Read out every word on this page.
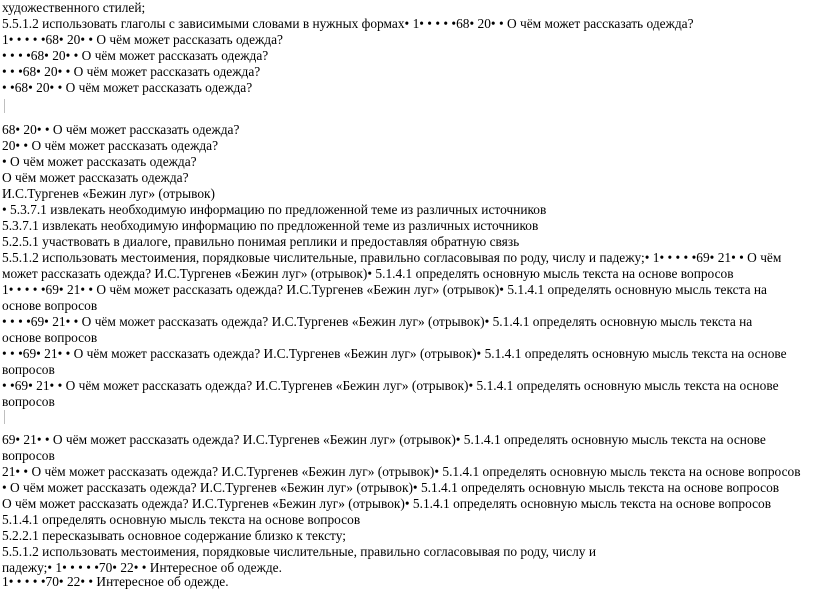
художественного стилей;
5.5.1.2 использовать глаголы с зависимыми словами в нужных формах• 1• • • • •68• 20• • О чём может рассказать одежда?
1• • • • •68• 20• • О чём может рассказать одежда?
• • • •68• 20• • О чём может рассказать одежда?
• • •68• 20• • О чём может рассказать одежда?
• •68• 20• • О чём может рассказать одежда?
68• 20• • О чём может рассказать одежда?
20• • О чём может рассказать одежда?
• О чём может рассказать одежда?
О чём может рассказать одежда?
И.С.Тургенев «Бежин луг» (отрывок)
• 5.3.7.1 извлекать необходимую информацию по предложенной теме из различных источников
5.3.7.1 извлекать необходимую информацию по предложенной теме из различных источников
5.2.5.1 участвовать в диалоге, правильно понимая реплики и предоставляя обратную связь
5.5.1.2 использовать местоимения, порядковые числительные, правильно согласовывая по роду, числу и падежу;• 1• • • • •69• 21• • О чём
может рассказать одежда? И.С.Тургенев «Бежин луг» (отрывок)• 5.1.4.1 определять основную мысль текста на основе вопросов
1• • • • •69• 21• • О чём может рассказать одежда? И.С.Тургенев «Бежин луг» (отрывок)• 5.1.4.1 определять основную мысль текста на
основе вопросов
• • • •69• 21• • О чём может рассказать одежда? И.С.Тургенев «Бежин луг» (отрывок)• 5.1.4.1 определять основную мысль текста на
основе вопросов
• • •69• 21• • О чём может рассказать одежда? И.С.Тургенев «Бежин луг» (отрывок)• 5.1.4.1 определять основную мысль текста на основе
вопросов
• •69• 21• • О чём может рассказать одежда? И.С.Тургенев «Бежин луг» (отрывок)• 5.1.4.1 определять основную мысль текста на основе
вопросов
69• 21• • О чём может рассказать одежда? И.С.Тургенев «Бежин луг» (отрывок)• 5.1.4.1 определять основную мысль текста на основе
вопросов
21• • О чём может рассказать одежда? И.С.Тургенев «Бежин луг» (отрывок)• 5.1.4.1 определять основную мысль текста на основе вопросов
• О чём может рассказать одежда? И.С.Тургенев «Бежин луг» (отрывок)• 5.1.4.1 определять основную мысль текста на основе вопросов
О чём может рассказать одежда? И.С.Тургенев «Бежин луг» (отрывок)• 5.1.4.1 определять основную мысль текста на основе вопросов
5.1.4.1 определять основную мысль текста на основе вопросов
5.2.2.1 пересказывать основное содержание близко к тексту;
5.5.1.2 использовать местоимения, порядковые числительные, правильно согласовывая по роду, числу и
падежу;• 1• • • • •70• 22• • Интересное об одежде.
1• • • • •70• 22• • Интересное об одежде.
